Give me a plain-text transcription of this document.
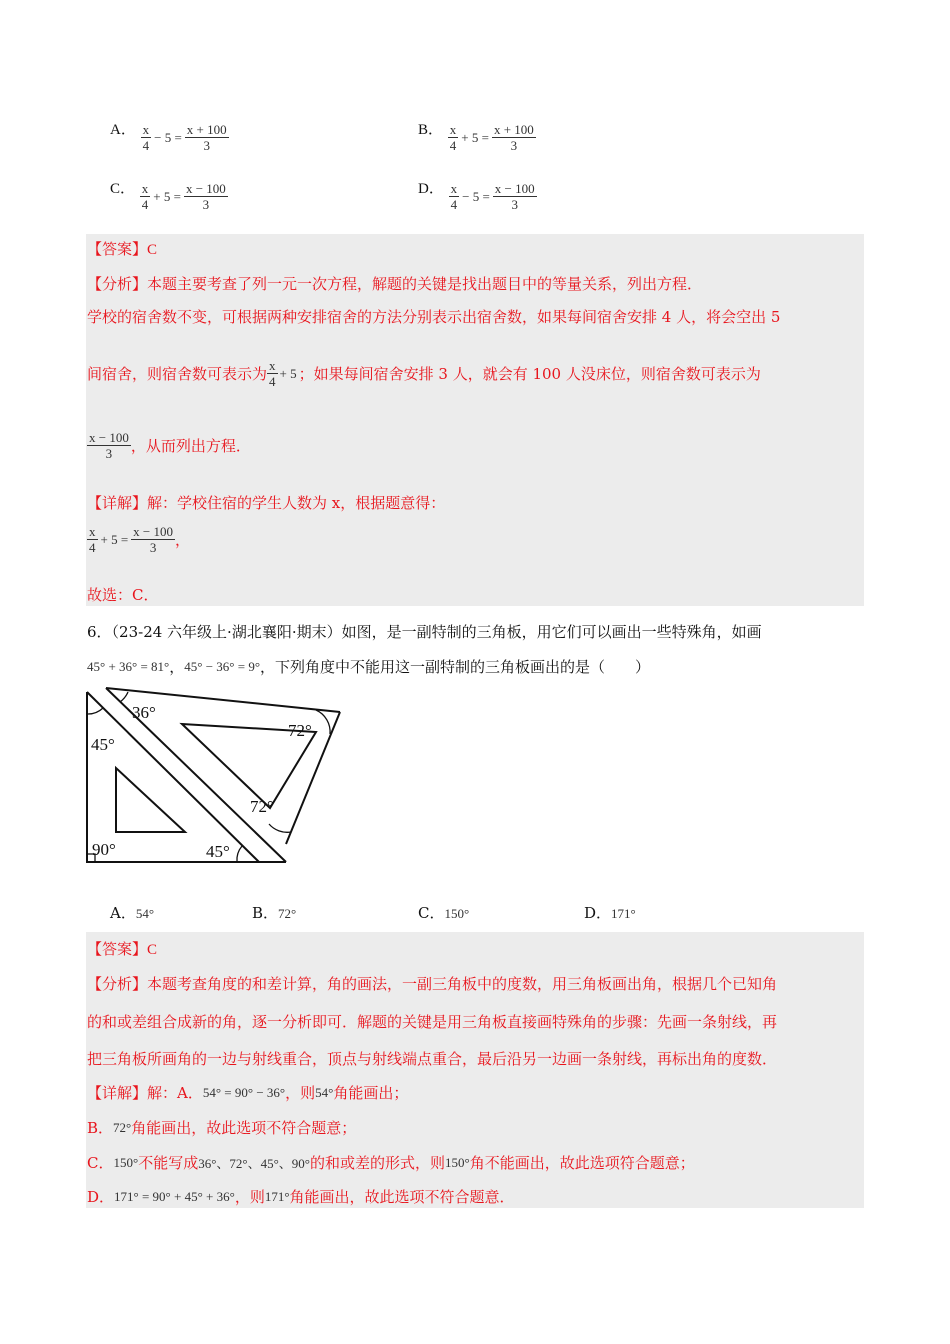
A． $\frac{x}{4} - 5 = \frac{x + 100}{3}$	B． $\frac{x}{4} + 5 = \frac{x + 100}{3}$
C． $\frac{x}{4} + 5 = \frac{x - 100}{3}$	D． $\frac{x}{4} - 5 = \frac{x - 100}{3}$
【答案】C
【分析】本题主要考查了列一元一次方程，解题的关键是找出题目中的等量关系，列出方程．
学校的宿舍数不变，可根据两种安排宿舍的方法分别表示出宿舍数，如果每间宿舍安排 4 人，将会空出 5
间宿舍，则宿舍数可表示为 $\frac{x}{4} + 5$ ；如果每间宿舍安排 3 人，就会有 100 人没床位，则宿舍数可表示为
$\frac{x - 100}{3}$ ，从而列出方程．
【详解】解：学校住宿的学生人数为 x，根据题意得：
$\frac{x}{4} + 5 = \frac{x - 100}{3}$ ，
故选：C．
6．（23-24 六年级上·湖北襄阳·期末）如图，是一副特制的三角板，用它们可以画出一些特殊角，如画
45° + 36° = 81° ， 45° − 36° = 9° ，下列角度中不能用这一副特制的三角板画出的是（　　）
36°
45°
72°
72°
90°	45°
A．54°	B．72°	C．150°	D．171°
【答案】C
【分析】本题考查角度的和差计算，角的画法，一副三角板中的度数，用三角板画出角，根据几个已知角
的和或差组合成新的角，逐一分析即可．解题的关键是用三角板直接画特殊角的步骤：先画一条射线，再
把三角板所画角的一边与射线重合，顶点与射线端点重合，最后沿另一边画一条射线，再标出角的度数．
【详解】 解：A． 54° = 90° − 36° ，则 54° 角能画出；
B． 72° 角能画出，故此选项不符合题意；
C． 150° 不能写成 36°、72°、45°、90° 的和或差的形式，则 150° 角不能画出，故此选项符合题意；
D． 171° = 90° + 45° + 36° ，则 171° 角能画出，故此选项不符合题意．
